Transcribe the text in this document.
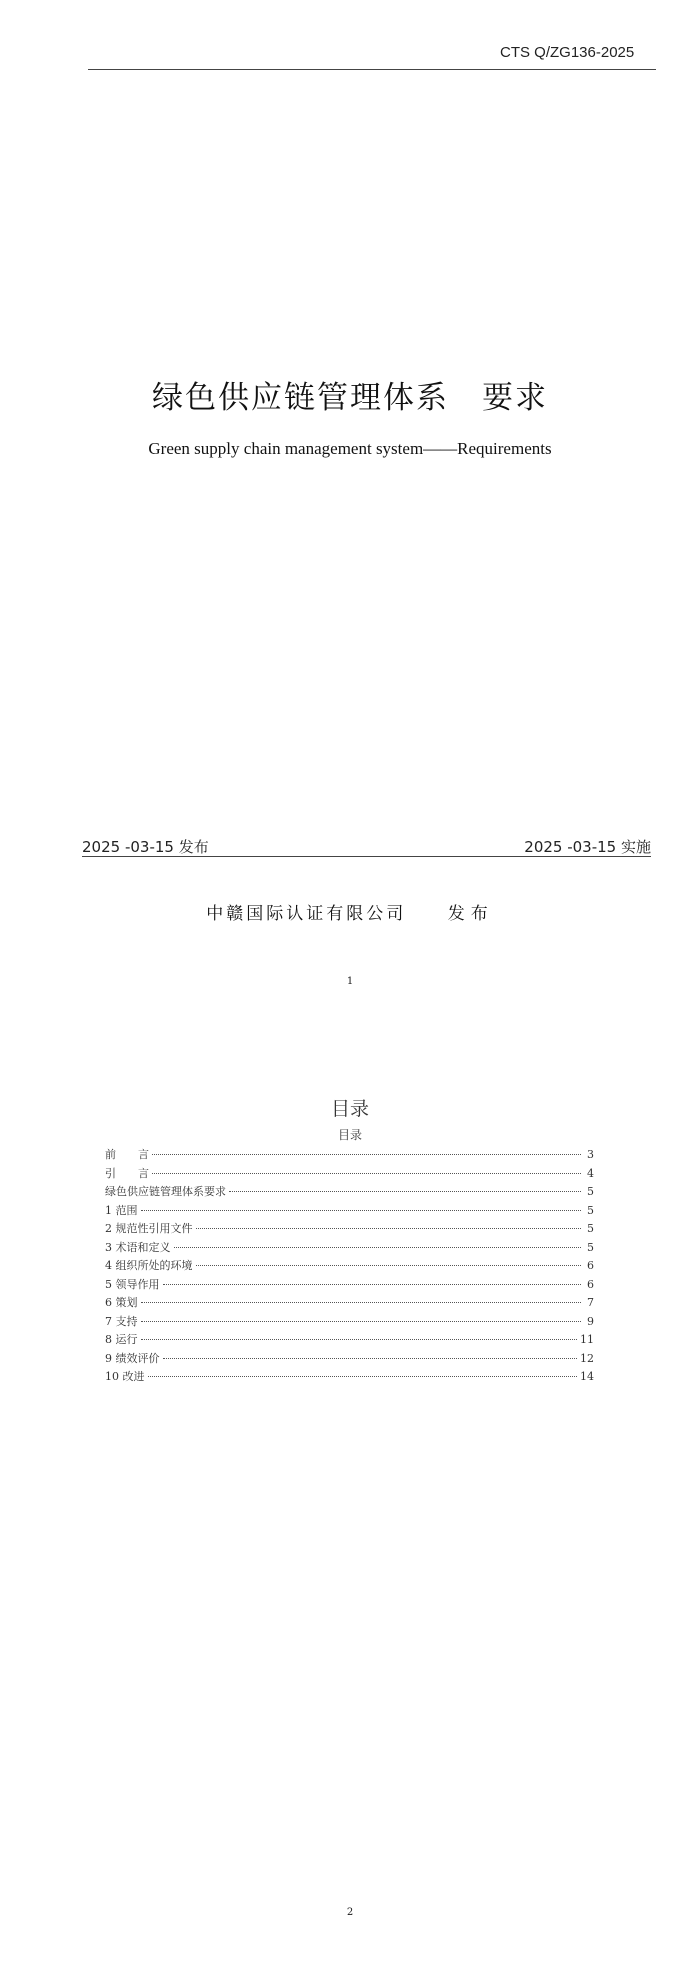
CTS Q/ZG136-2025
绿色供应链管理体系　要求
Green supply chain management system——Requirements
2025 -03-15 发布	2025 -03-15 实施
中赣国际认证有限公司 发布
1
目录
目录
前　　言	3
引　　言	4
绿色供应链管理体系要求	5
1 范围	5
2 规范性引用文件	5
3 术语和定义	5
4 组织所处的环境	6
5 领导作用	6
6 策划	7
7 支持	9
8 运行	11
9 绩效评价	12
10 改进	14
2
